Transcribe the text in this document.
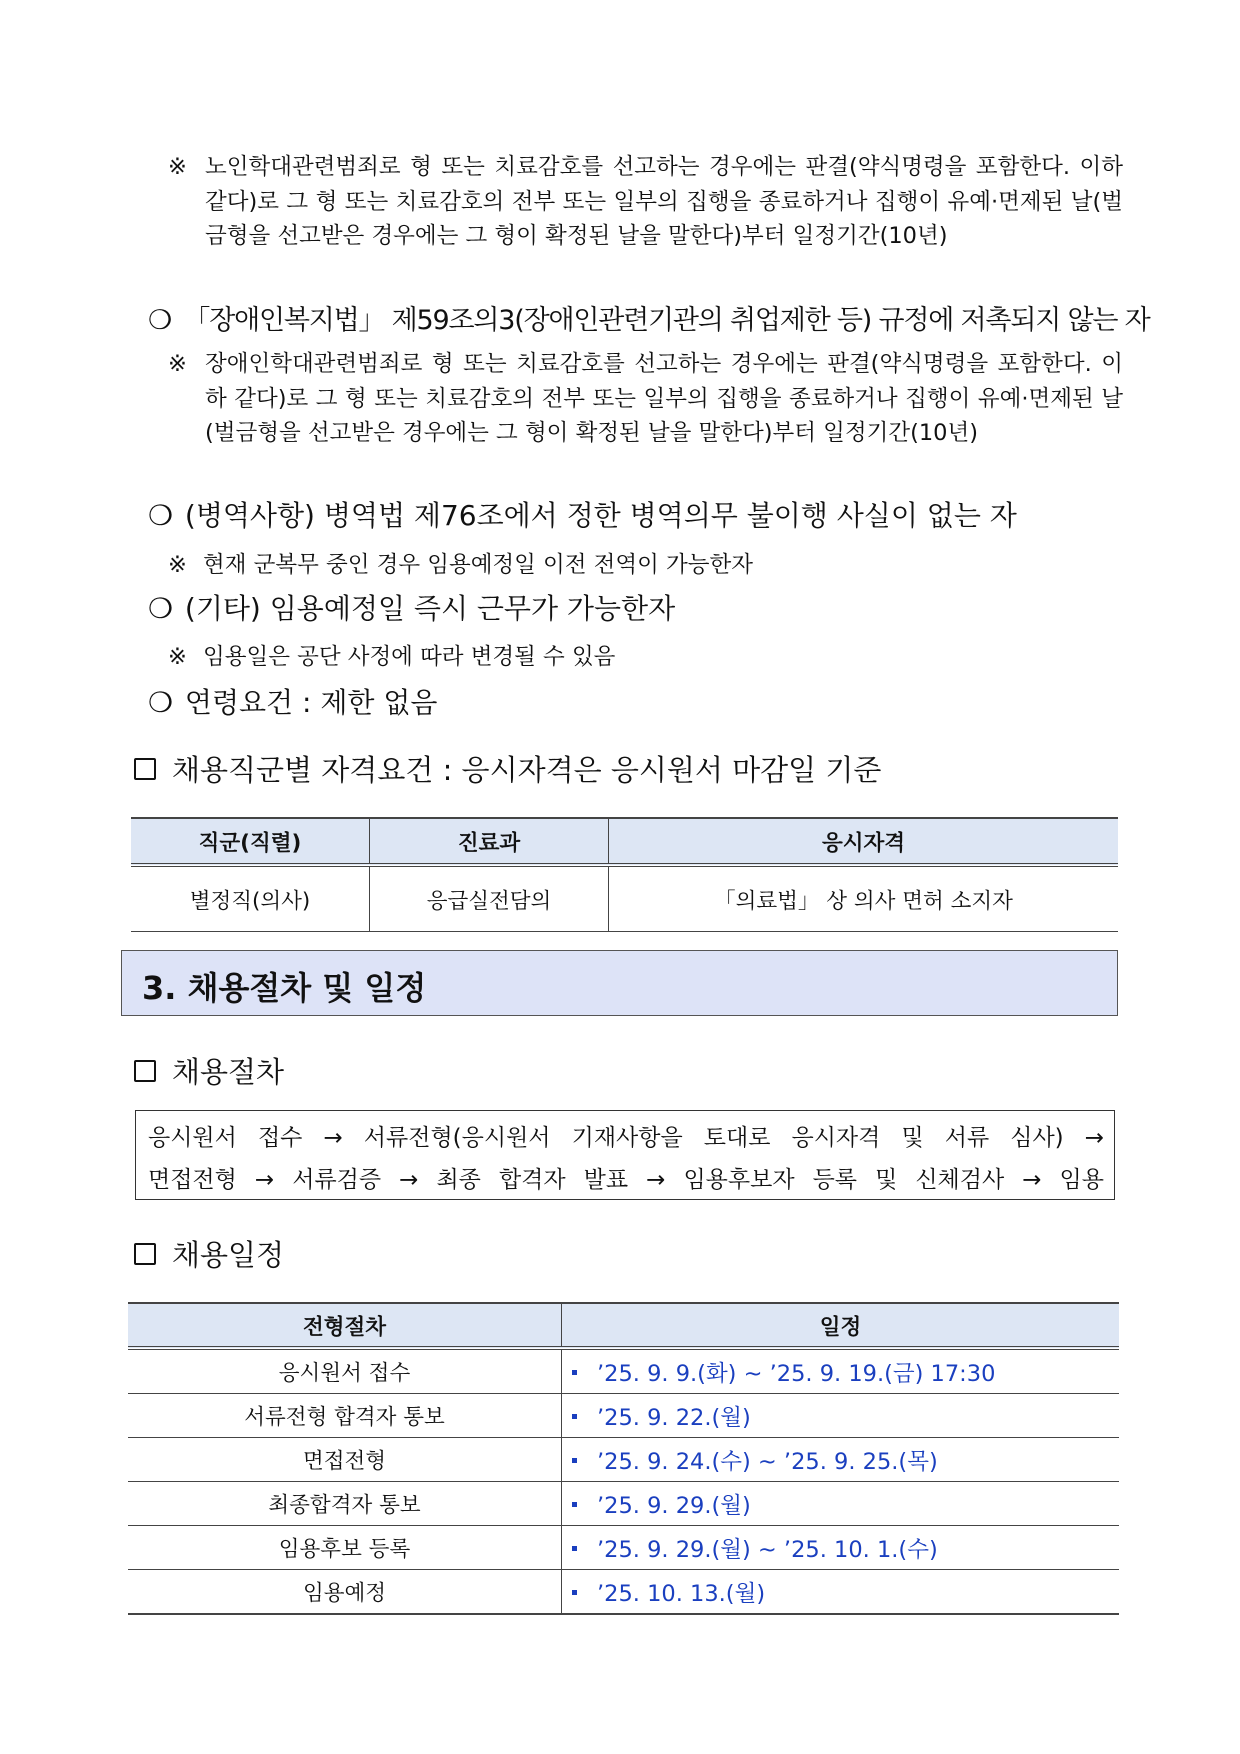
※ 노인학대관련범죄로 형 또는 치료감호를 선고하는 경우에는 판결(약식명령을 포함한다. 이하 같다)로 그 형 또는 치료감호의 전부 또는 일부의 집행을 종료하거나 집행이 유예·면제된 날(벌금형을 선고받은 경우에는 그 형이 확정된 날을 말한다)부터 일정기간(10년)
❍ 「장애인복지법」 제59조의3(장애인관련기관의 취업제한 등) 규정에 저촉되지 않는 자
※ 장애인학대관련범죄로 형 또는 치료감호를 선고하는 경우에는 판결(약식명령을 포함한다. 이하 같다)로 그 형 또는 치료감호의 전부 또는 일부의 집행을 종료하거나 집행이 유예·면제된 날(벌금형을 선고받은 경우에는 그 형이 확정된 날을 말한다)부터 일정기간(10년)
❍ (병역사항) 병역법 제76조에서 정한 병역의무 불이행 사실이 없는 자
※ 현재 군복무 중인 경우 임용예정일 이전 전역이 가능한자
❍ (기타) 임용예정일 즉시 근무가 가능한자
※ 임용일은 공단 사정에 따라 변경될 수 있음
❍ 연령요건 : 제한 없음
채용직군별 자격요건 : 응시자격은 응시원서 마감일 기준
직군(직렬)	진료과	응시자격
별정직(의사)	응급실전담의	「의료법」 상 의사 면허 소지자
3. 채용절차 및 일정
채용절차
응시원서 접수 → 서류전형(응시원서 기재사항을 토대로 응시자격 및 서류 심사) →
면접전형 → 서류검증 → 최종 합격자 발표 → 임용후보자 등록 및 신체검사 → 임용
채용일정
전형절차	일정
응시원서 접수	’25. 9. 9.(화) ~ ’25. 9. 19.(금) 17:30
서류전형 합격자 통보	’25. 9. 22.(월)
면접전형	’25. 9. 24.(수) ~ ’25. 9. 25.(목)
최종합격자 통보	’25. 9. 29.(월)
임용후보 등록	’25. 9. 29.(월) ~ ’25. 10. 1.(수)
임용예정	’25. 10. 13.(월)
